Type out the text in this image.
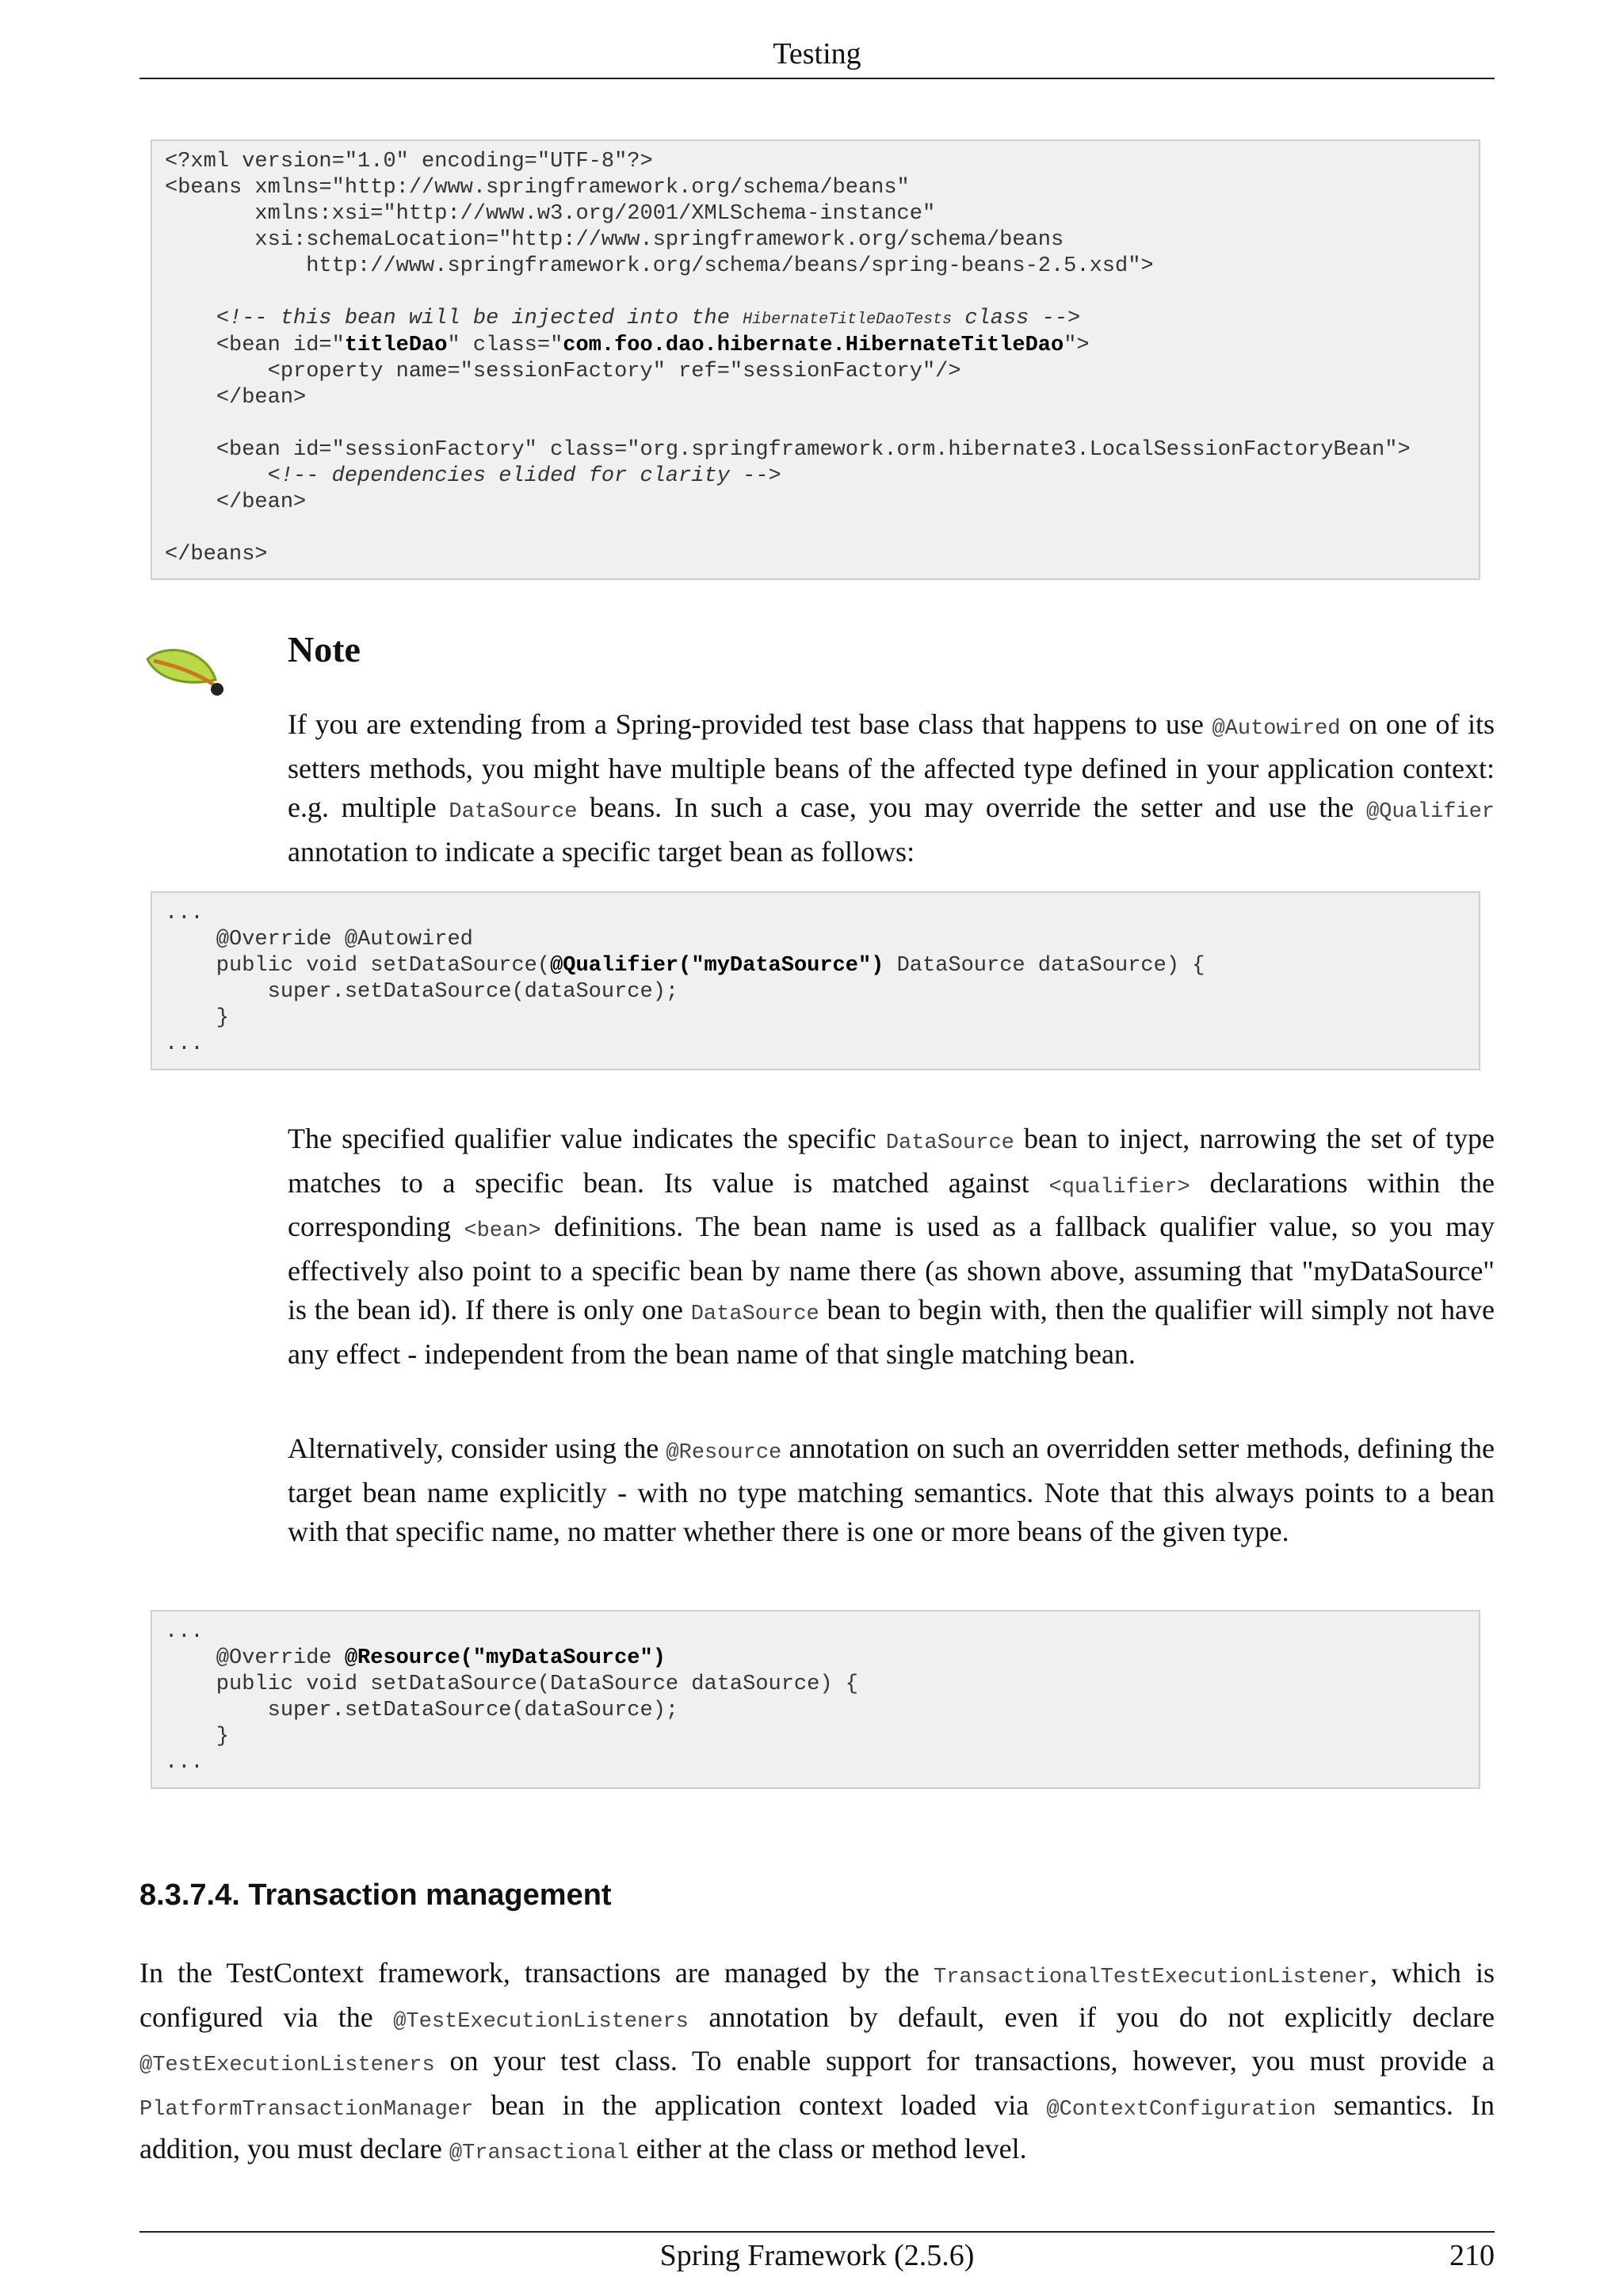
Testing
<?xml version="1.0" encoding="UTF-8"?>
<beans xmlns="http://www.springframework.org/schema/beans"
xmlns:xsi="http://www.w3.org/2001/XMLSchema-instance"
xsi:schemaLocation="http://www.springframework.org/schema/beans
http://www.springframework.org/schema/beans/spring-beans-2.5.xsd">

<!-- this bean will be injected into the HibernateTitleDaoTests class -->
<bean id="titleDao" class="com.foo.dao.hibernate.HibernateTitleDao">
<property name="sessionFactory" ref="sessionFactory"/>
</bean>

<bean id="sessionFactory" class="org.springframework.orm.hibernate3.LocalSessionFactoryBean">
<!-- dependencies elided for clarity -->
</bean>

</beans>
Note

If you are extending from a Spring-provided test base class that happens to use @Autowired on one of its setters methods, you might have multiple beans of the affected type defined in your application context: e.g. multiple DataSource beans. In such a case, you may override the setter and use the @Qualifier annotation to indicate a specific target bean as follows:

...
@Override @Autowired
public void setDataSource(@Qualifier("myDataSource") DataSource dataSource) {
super.setDataSource(dataSource);
}
...

The specified qualifier value indicates the specific DataSource bean to inject, narrowing the set of type matches to a specific bean. Its value is matched against <qualifier> declarations within the corresponding <bean> definitions. The bean name is used as a fallback qualifier value, so you may effectively also point to a specific bean by name there (as shown above, assuming that "myDataSource" is the bean id). If there is only one DataSource bean to begin with, then the qualifier will simply not have any effect - independent from the bean name of that single matching bean.

Alternatively, consider using the @Resource annotation on such an overridden setter methods, defining the target bean name explicitly - with no type matching semantics. Note that this always points to a bean with that specific name, no matter whether there is one or more beans of the given type.

...
@Override @Resource("myDataSource")
public void setDataSource(DataSource dataSource) {
super.setDataSource(dataSource);
}
...
8.3.7.4. Transaction management

In the TestContext framework, transactions are managed by the TransactionalTestExecutionListener, which is configured via the @TestExecutionListeners annotation by default, even if you do not explicitly declare @TestExecutionListeners on your test class. To enable support for transactions, however, you must provide a PlatformTransactionManager bean in the application context loaded via @ContextConfiguration semantics. In addition, you must declare @Transactional either at the class or method level.

Spring Framework (2.5.6)	210
